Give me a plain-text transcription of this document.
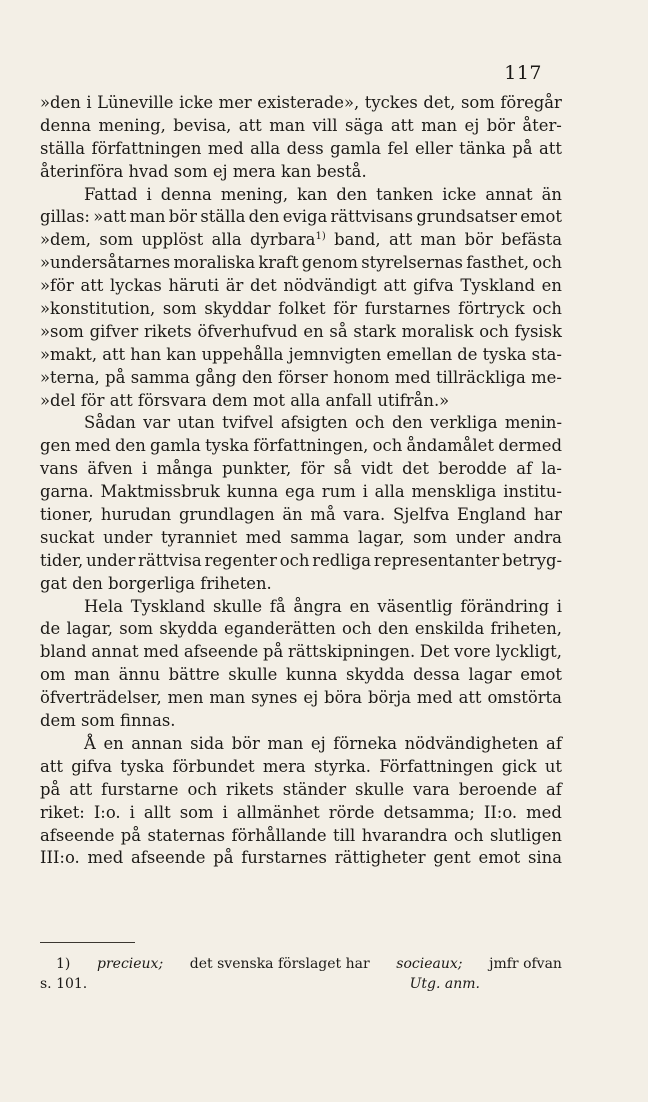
117
»den i Lüneville icke mer existerade», tyckes det, som föregår
denna mening, bevisa, att man vill säga att man ej bör åter-
ställa författningen med alla dess gamla fel eller tänka på att
återinföra hvad som ej mera kan bestå.
Fattad i denna mening, kan den tanken icke annat än
gillas: »att man bör ställa den eviga rättvisans grundsatser emot
»dem, som upplöst alla dyrbara$^{1)}$ band, att man bör befästa
»undersåtarnes moraliska kraft genom styrelsernas fasthet, och
»för att lyckas häruti är det nödvändigt att gifva Tyskland en
»konstitution, som skyddar folket för furstarnes förtryck och
»som gifver rikets öfverhufvud en så stark moralisk och fysisk
»makt, att han kan uppehålla jemnvigten emellan de tyska sta-
»terna, på samma gång den förser honom med tillräckliga me-
»del för att försvara dem mot alla anfall utifrån.»
Sådan var utan tvifvel afsigten och den verkliga menin-
gen med den gamla tyska författningen, och åndamålet dermed
vans äfven i många punkter, för så vidt det berodde af la-
garna. Maktmissbruk kunna ega rum i alla menskliga institu-
tioner, hurudan grundlagen än må vara. Sjelfva England har
suckat under tyranniet med samma lagar, som under andra
tider, under rättvisa regenter och redliga representanter betryg-
gat den borgerliga friheten.
Hela Tyskland skulle få ångra en väsentlig förändring i
de lagar, som skydda eganderätten och den enskilda friheten,
bland annat med afseende på rättskipningen. Det vore lyckligt,
om man ännu bättre skulle kunna skydda dessa lagar emot
öfverträdelser, men man synes ej böra börja med att omstörta
dem som finnas.
Å en annan sida bör man ej förneka nödvändigheten af
att gifva tyska förbundet mera styrka. Författningen gick ut
på att furstarne och rikets ständer skulle vara beroende af
riket: I:o. i allt som i allmänhet rörde detsamma; II:o. med
afseende på staternas förhållande till hvarandra och slutligen
III:o. med afseende på furstarnes rättigheter gent emot sina
1) precieux; det svenska förslaget har socieaux; jmfr ofvan
s. 101.	Utg. anm.
